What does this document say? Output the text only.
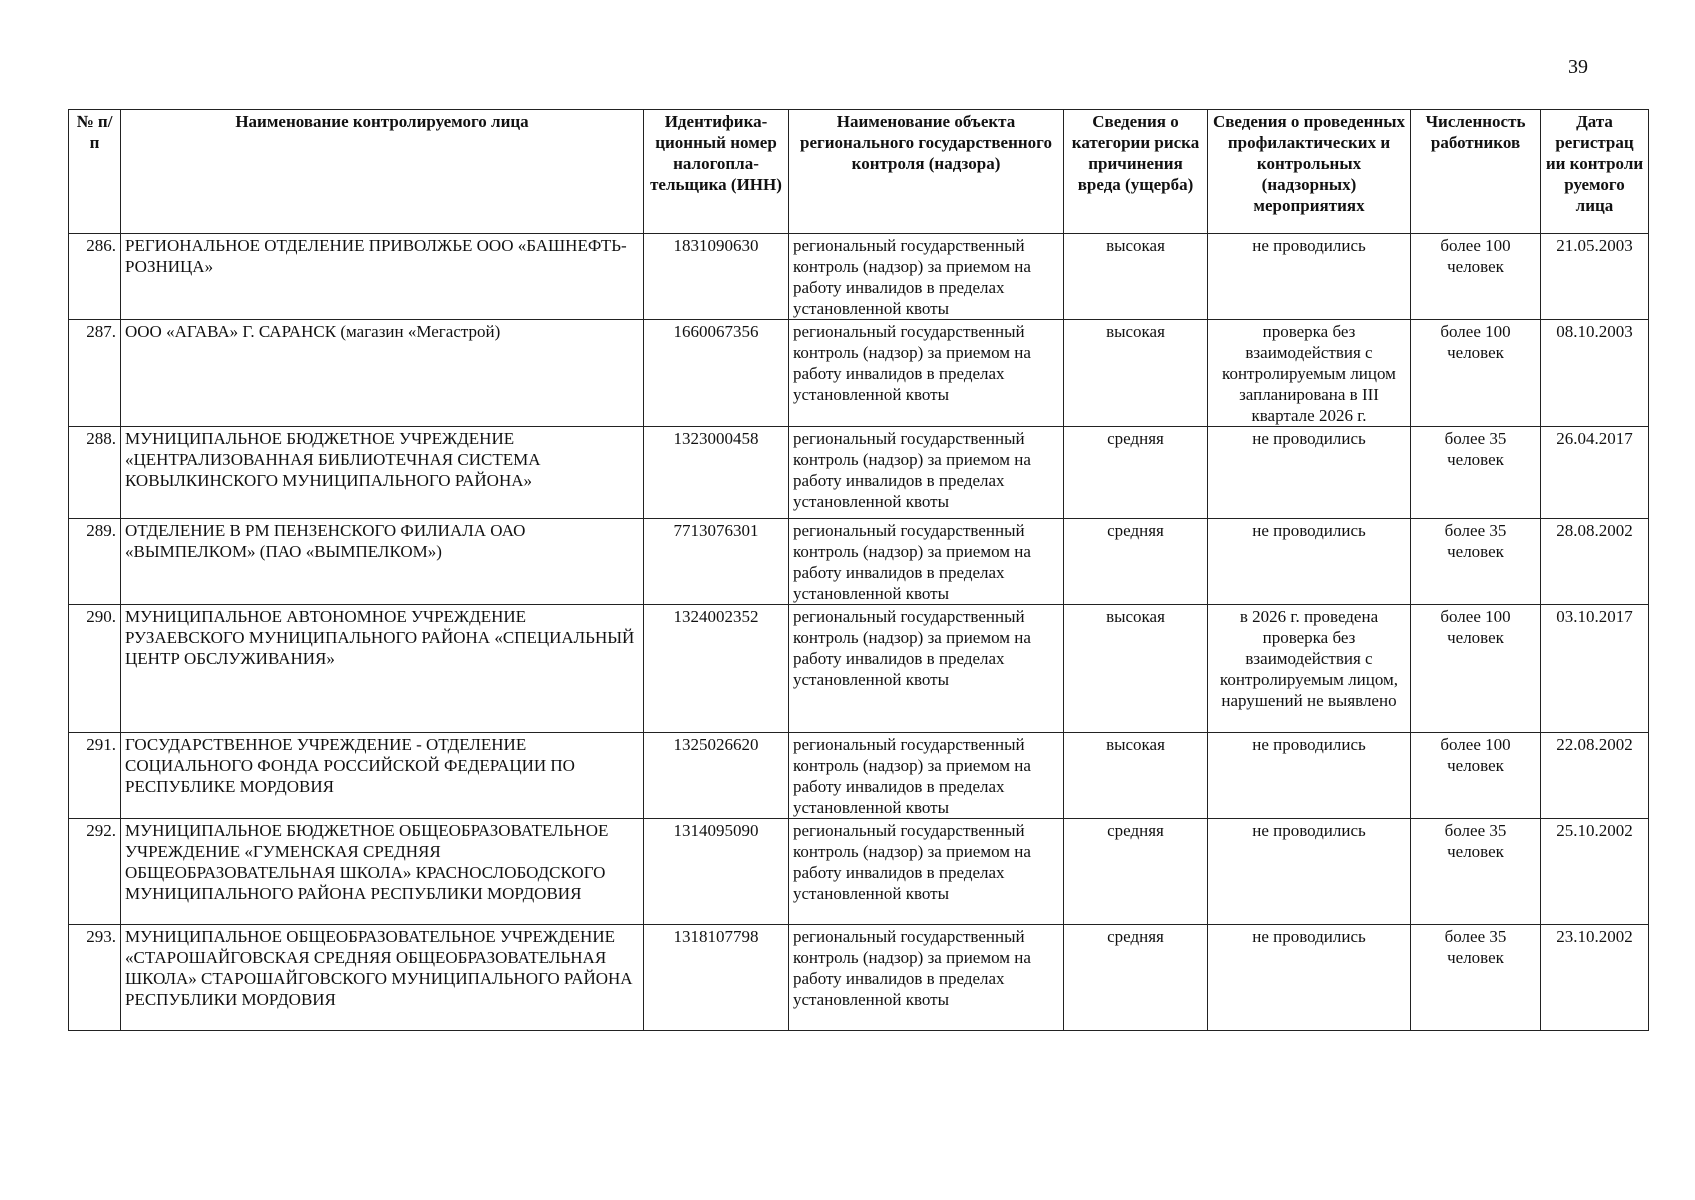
39
№ п/п	Наименование контролируемого лица	Идентифика-ционный номер налогопла-тельщика (ИНН)	Наименование объекта регионального государственного контроля (надзора)	Сведения о категории риска причинения вреда (ущерба)	Сведения о проведенных профилактических и контрольных (надзорных) мероприятиях	Численность работников	Дата регистрац ии контроли руемого лица
286.	РЕГИОНАЛЬНОЕ ОТДЕЛЕНИЕ ПРИВОЛЖЬЕ ООО «БАШНЕФТЬ-РОЗНИЦА»	1831090630	региональный государственный контроль (надзор) за приемом на работу инвалидов в пределах установленной квоты	высокая	не проводились	более 100 человек	21.05.2003
287.	ООО «АГАВА» Г. САРАНСК (магазин «Мегастрой)	1660067356	региональный государственный контроль (надзор) за приемом на работу инвалидов в пределах установленной квоты	высокая	проверка без взаимодействия с контролируемым лицом запланирована в III квартале 2026 г.	более 100 человек	08.10.2003
288.	МУНИЦИПАЛЬНОЕ БЮДЖЕТНОЕ УЧРЕЖДЕНИЕ «ЦЕНТРАЛИЗОВАННАЯ БИБЛИОТЕЧНАЯ СИСТЕМА КОВЫЛКИНСКОГО МУНИЦИПАЛЬНОГО РАЙОНА»	1323000458	региональный государственный контроль (надзор) за приемом на работу инвалидов в пределах установленной квоты	средняя	не проводились	более 35 человек	26.04.2017
289.	ОТДЕЛЕНИЕ В РМ ПЕНЗЕНСКОГО ФИЛИАЛА ОАО «ВЫМПЕЛКОМ» (ПАО «ВЫМПЕЛКОМ»)	7713076301	региональный государственный контроль (надзор) за приемом на работу инвалидов в пределах установленной квоты	средняя	не проводились	более 35 человек	28.08.2002
290.	МУНИЦИПАЛЬНОЕ АВТОНОМНОЕ УЧРЕЖДЕНИЕ РУЗАЕВСКОГО МУНИЦИПАЛЬНОГО РАЙОНА «СПЕЦИАЛЬНЫЙ ЦЕНТР ОБСЛУЖИВАНИЯ»	1324002352	региональный государственный контроль (надзор) за приемом на работу инвалидов в пределах установленной квоты	высокая	в 2026 г. проведена проверка без взаимодействия с контролируемым лицом, нарушений не выявлено	более 100 человек	03.10.2017
291.	ГОСУДАРСТВЕННОЕ УЧРЕЖДЕНИЕ - ОТДЕЛЕНИЕ СОЦИАЛЬНОГО ФОНДА РОССИЙСКОЙ ФЕДЕРАЦИИ ПО РЕСПУБЛИКЕ МОРДОВИЯ	1325026620	региональный государственный контроль (надзор) за приемом на работу инвалидов в пределах установленной квоты	высокая	не проводились	более 100 человек	22.08.2002
292.	МУНИЦИПАЛЬНОЕ БЮДЖЕТНОЕ ОБЩЕОБРАЗОВАТЕЛЬНОЕ УЧРЕЖДЕНИЕ «ГУМЕНСКАЯ СРЕДНЯЯ ОБЩЕОБРАЗОВАТЕЛЬНАЯ ШКОЛА» КРАСНОСЛОБОДСКОГО МУНИЦИПАЛЬНОГО РАЙОНА РЕСПУБЛИКИ МОРДОВИЯ	1314095090	региональный государственный контроль (надзор) за приемом на работу инвалидов в пределах установленной квоты	средняя	не проводились	более 35 человек	25.10.2002
293.	МУНИЦИПАЛЬНОЕ ОБЩЕОБРАЗОВАТЕЛЬНОЕ УЧРЕЖДЕНИЕ «СТАРОШАЙГОВСКАЯ СРЕДНЯЯ ОБЩЕОБРАЗОВАТЕЛЬНАЯ ШКОЛА» СТАРОШАЙГОВСКОГО МУНИЦИПАЛЬНОГО РАЙОНА РЕСПУБЛИКИ МОРДОВИЯ	1318107798	региональный государственный контроль (надзор) за приемом на работу инвалидов в пределах установленной квоты	средняя	не проводились	более 35 человек	23.10.2002
